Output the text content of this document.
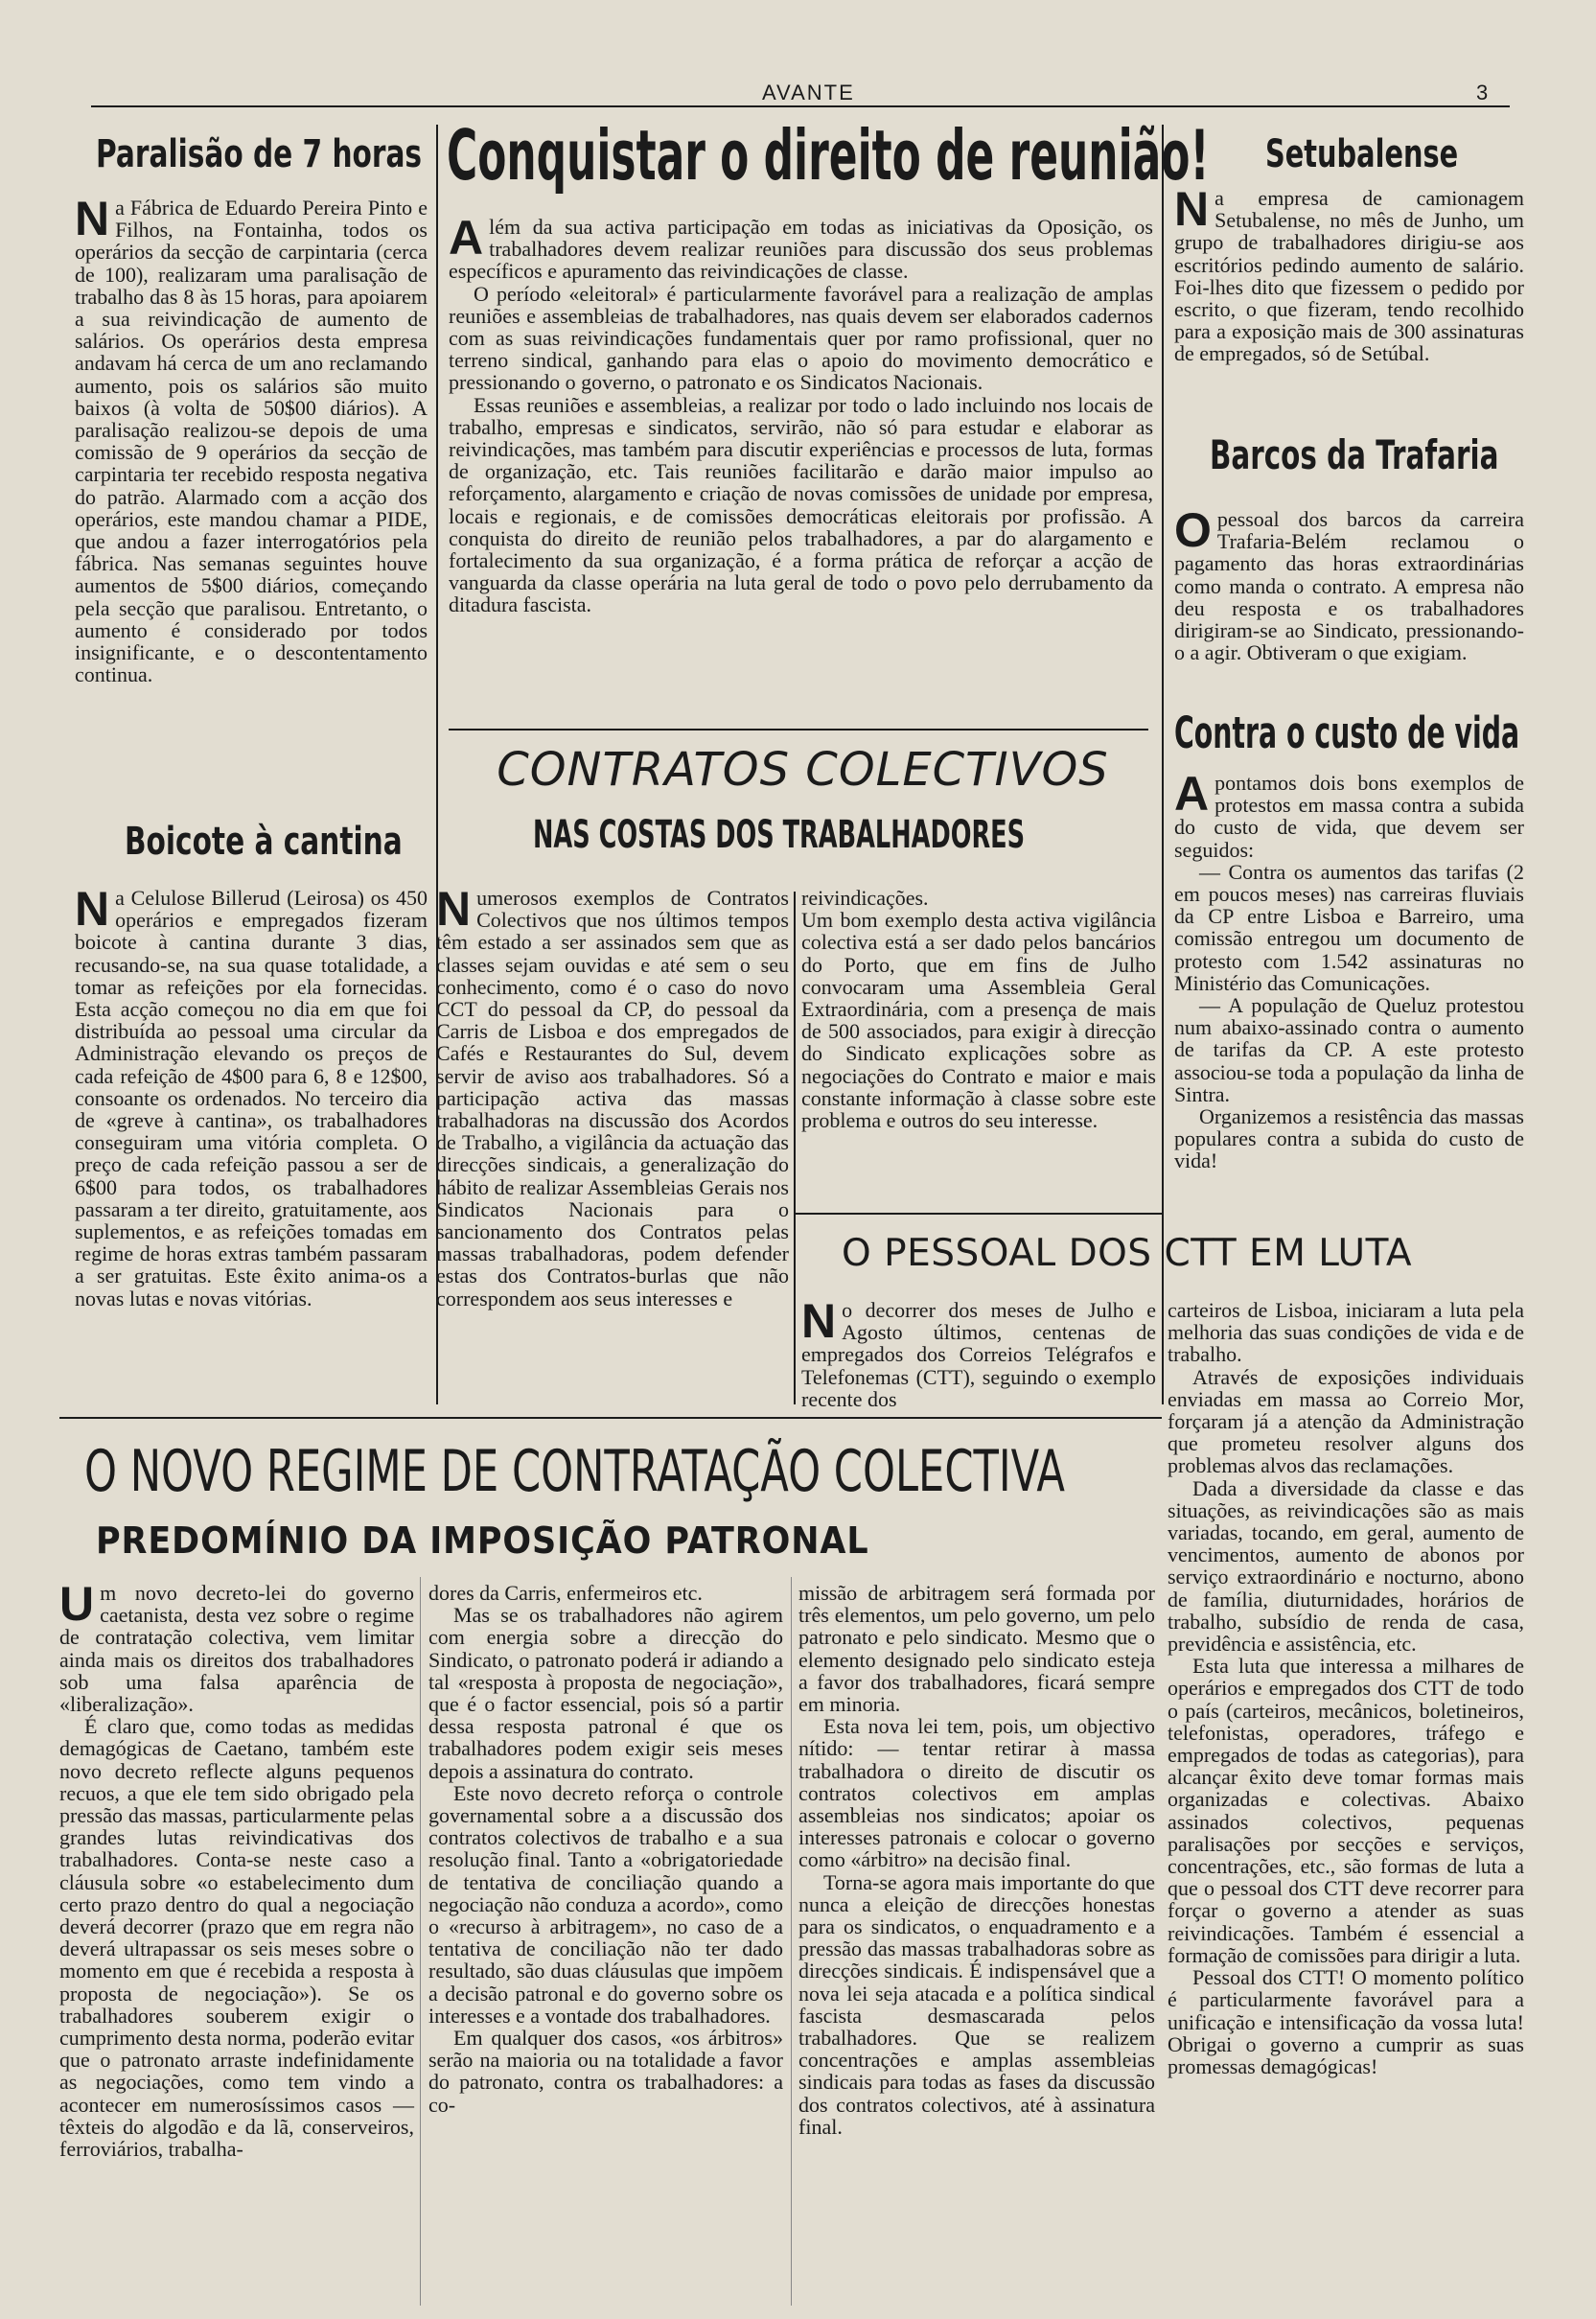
AVANTE	3
Paralisão de 7 horas
N a Fábrica de Eduardo Pereira Pinto e Filhos, na Fontainha, todos os operários da secção de carpintaria (cerca de 100), realizaram uma paralisação de trabalho das 8 às 15 horas, para apoiarem a sua reivindicação de aumento de salários. Os operários desta empresa andavam há cerca de um ano reclamando aumento, pois os salários são muito baixos (à volta de 50$00 diários). A paralisação realizou-se depois de uma comissão de 9 operários da secção de carpintaria ter recebido resposta negativa do patrão. Alarmado com a acção dos operários, este mandou chamar a PIDE, que andou a fazer interrogatórios pela fábrica. Nas semanas seguintes houve aumentos de 5$00 diários, começando pela secção que paralisou. Entretanto, o aumento é considerado por todos insignificante, e o descontentamento continua.
Boicote à cantina
N a Celulose Billerud (Leirosa) os 450 operários e empregados fizeram boicote à cantina durante 3 dias, recusando-se, na sua quase totalidade, a tomar as refeições por ela fornecidas. Esta acção começou no dia em que foi distribuída ao pessoal uma circular da Administração elevando os preços de cada refeição de 4$00 para 6, 8 e 12$00, consoante os ordenados. No terceiro dia de «greve à cantina», os trabalhadores conseguiram uma vitória completa. O preço de cada refeição passou a ser de 6$00 para todos, os trabalhadores passaram a ter direito, gratuitamente, aos suplementos, e as refeições tomadas em regime de horas extras também passaram a ser gratuitas. Este êxito anima-os a novas lutas e novas vitórias.
Conquistar o direito de reunião!

Além da sua activa participação em todas as iniciativas da Oposição, os trabalhadores devem realizar reuniões para discussão dos seus problemas específicos e apuramento das reivindicações de classe.

O período «eleitoral» é particularmente favorável para a realização de amplas reuniões e assembleias de trabalhadores, nas quais devem ser elaborados cadernos com as suas reivindicações fundamentais quer por ramo profissional, quer no terreno sindical, ganhando para elas o apoio do movimento democrático e pressionando o governo, o patronato e os Sindicatos Nacionais.

Essas reuniões e assembleias, a realizar por todo o lado incluindo nos locais de trabalho, empresas e sindicatos, servirão, não só para estudar e elaborar as reivindicações, mas também para discutir experiências e processos de luta, formas de organização, etc. Tais reuniões facilitarão e darão maior impulso ao reforçamento, alargamento e criação de novas comissões de unidade por empresa, locais e regionais, e de comissões democráticas eleitorais por profissão. A conquista do direito de reunião pelos trabalhadores, a par do alargamento e fortalecimento da sua organização, é a forma prática de reforçar a acção de vanguarda da classe operária na luta geral de todo o povo pelo derrubamento da ditadura fascista.

Setubalense
N a empresa de camionagem Setubalense, no mês de Junho, um grupo de trabalhadores dirigiu-se aos escritórios pedindo aumento de salário. Foi-lhes dito que fizessem o pedido por escrito, o que fizeram, tendo recolhido para a exposição mais de 300 assinaturas de empregados, só de Setúbal.
Barcos da Trafaria
O pessoal dos barcos da carreira Trafaria-Belém reclamou o pagamento das horas extraordinárias como manda o contrato. A empresa não deu resposta e os trabalhadores dirigiram-se ao Sindicato, pressionando-o a agir. Obtiveram o que exigiam.
Contra o custo de vida

Apontamos dois bons exemplos de protestos em massa contra a subida do custo de vida, que devem ser seguidos:

— Contra os aumentos das tarifas (2 em poucos meses) nas carreiras fluviais da CP entre Lisboa e Barreiro, uma comissão entregou um documento de protesto com 1.542 assinaturas no Ministério das Comunicações.

— A população de Queluz protestou num abaixo-assinado contra o aumento de tarifas da CP. A este protesto associou-se toda a população da linha de Sintra.

Organizemos a resistência das massas populares contra a subida do custo de vida!

CONTRATOS COLECTIVOS
NAS COSTAS DOS TRABALHADORES
N umerosos exemplos de Contratos Colectivos que nos últimos tempos têm estado a ser assinados sem que as classes sejam ouvidas e até sem o seu conhecimento, como é o caso do novo CCT do pessoal da CP, do pessoal da Carris de Lisboa e dos empregados de Cafés e Restaurantes do Sul, devem servir de aviso aos trabalhadores. Só a participação activa das massas trabalhadoras na discussão dos Acordos de Trabalho, a vigilância da actuação das direcções sindicais, a generalização do hábito de realizar Assembleias Gerais nos Sindicatos Nacionais para o sancionamento dos Contratos pelas massas trabalhadoras, podem defender estas dos Contratos-burlas que não correspondem aos seus interesses e
reivindicações.
Um bom exemplo desta activa vigilância colectiva está a ser dado pelos bancários do Porto, que em fins de Julho convocaram uma Assembleia Geral Extraordinária, com a presença de mais de 500 associados, para exigir à direcção do Sindicato explicações sobre as negociações do Contrato e maior e mais constante informação à classe sobre este problema e outros do seu interesse.
O PESSOAL DOS CTT EM LUTA
N o decorrer dos meses de Julho e Agosto últimos, centenas de empregados dos Correios Telégrafos e Telefonemas (CTT), seguindo o exemplo recente dos

carteiros de Lisboa, iniciaram a luta pela melhoria das suas condições de vida e de trabalho.

Através de exposições individuais enviadas em massa ao Correio Mor, forçaram já a atenção da Administração que prometeu resolver alguns dos problemas alvos das reclamações.

Dada a diversidade da classe e das situações, as reivindicações são as mais variadas, tocando, em geral, aumento de vencimentos, aumento de abonos por serviço extraordinário e nocturno, abono de família, diuturnidades, horários de trabalho, subsídio de renda de casa, previdência e assistência, etc.

Esta luta que interessa a milhares de operários e empregados dos CTT de todo o país (carteiros, mecânicos, boletineiros, telefonistas, operadores, tráfego e empregados de todas as categorias), para alcançar êxito deve tomar formas mais organizadas e colectivas. Abaixo assinados colectivos, pequenas paralisações por secções e serviços, concentrações, etc., são formas de luta a que o pessoal dos CTT deve recorrer para forçar o governo a atender as suas reivindicações. Também é essencial a formação de comissões para dirigir a luta.

Pessoal dos CTT! O momento político é particularmente favorável para a unificação e intensificação da vossa luta! Obrigai o governo a cumprir as suas promessas demagógicas!

O NOVO REGIME DE CONTRATAÇÃO COLECTIVA
PREDOMÍNIO DA IMPOSIÇÃO PATRONAL

Um novo decreto-lei do governo caetanista, desta vez sobre o regime de contratação colectiva, vem limitar ainda mais os direitos dos trabalhadores sob uma falsa aparência de «liberalização».

É claro que, como todas as medidas demagógicas de Caetano, também este novo decreto reflecte alguns pequenos recuos, a que ele tem sido obrigado pela pressão das massas, particularmente pelas grandes lutas reivindicativas dos trabalhadores. Conta-se neste caso a cláusula sobre «o estabelecimento dum certo prazo dentro do qual a negociação deverá decorrer (prazo que em regra não deverá ultrapassar os seis meses sobre o momento em que é recebida a resposta à proposta de negociação»). Se os trabalhadores souberem exigir o cumprimento desta norma, poderão evitar que o patronato arraste indefinidamente as negociações, como tem vindo a acontecer em numerosíssimos casos — têxteis do algodão e da lã, conserveiros, ferroviários, trabalha-

dores da Carris, enfermeiros etc.

Mas se os trabalhadores não agirem com energia sobre a direcção do Sindicato, o patronato poderá ir adiando a tal «resposta à proposta de negociação», que é o factor essencial, pois só a partir dessa resposta patronal é que os trabalhadores podem exigir seis meses depois a assinatura do contrato.

Este novo decreto reforça o controle governamental sobre a a discussão dos contratos colectivos de trabalho e a sua resolução final. Tanto a «obrigatoriedade de tentativa de conciliação quando a negociação não conduza a acordo», como o «recurso à arbitragem», no caso de a tentativa de conciliação não ter dado resultado, são duas cláusulas que impõem a decisão patronal e do governo sobre os interesses e a vontade dos trabalhadores.

Em qualquer dos casos, «os árbitros» serão na maioria ou na totalidade a favor do patronato, contra os trabalhadores: a co-

missão de arbitragem será formada por três elementos, um pelo governo, um pelo patronato e pelo sindicato. Mesmo que o elemento designado pelo sindicato esteja a favor dos trabalhadores, ficará sempre em minoria.

Esta nova lei tem, pois, um objectivo nítido: — tentar retirar à massa trabalhadora o direito de discutir os contratos colectivos em amplas assembleias nos sindicatos; apoiar os interesses patronais e colocar o governo como «árbitro» na decisão final.

Torna-se agora mais importante do que nunca a eleição de direcções honestas para os sindicatos, o enquadramento e a pressão das massas trabalhadoras sobre as direcções sindicais. É indispensável que a nova lei seja atacada e a política sindical fascista desmascarada pelos trabalhadores. Que se realizem concentrações e amplas assembleias sindicais para todas as fases da discussão dos contratos colectivos, até à assinatura final.
